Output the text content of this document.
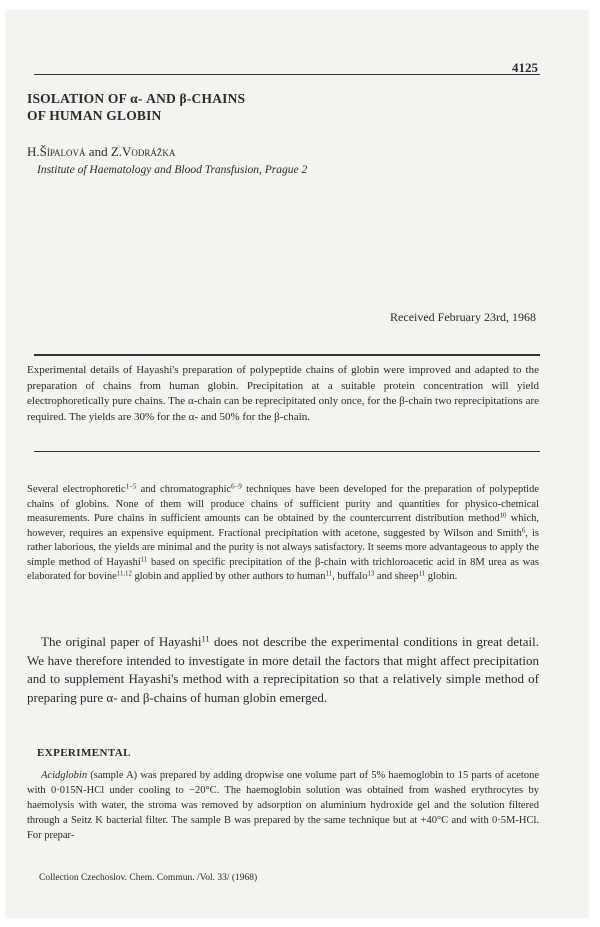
4125
ISOLATION OF α- AND β-CHAINS
OF HUMAN GLOBIN

H.Šípalová and Z.Vodrážka

Institute of Haematology and Blood Transfusion, Prague 2

Received February 23rd, 1968

Experimental details of Hayashi's preparation of polypeptide chains of globin were improved and adapted to the preparation of chains from human globin. Precipitation at a suitable protein concentration will yield electrophoretically pure chains. The α-chain can be reprecipitated only once, for the β-chain two reprecipitations are required. The yields are 30% for the α- and 50% for the β-chain.

Several electrophoretic$^{1-5}$ and chromatographic$^{6-9}$ techniques have been developed for the preparation of polypeptide chains of globins. None of them will produce chains of sufficient purity and quantities for physico-chemical measurements. Pure chains in sufficient amounts can be obtained by the countercurrent distribution method$^{10}$ which, however, requires an expensive equipment. Fractional precipitation with acetone, suggested by Wilson and Smith$^6$, is rather laborious, the yields are minimal and the purity is not always satisfactory. It seems more advantageous to apply the simple method of Hayashi$^{11}$ based on specific precipitation of the β-chain with trichloroacetic acid in 8M urea as was elaborated for bovine$^{11,12}$ globin and applied by other authors to human$^{11}$, buffalo$^{13}$ and sheep$^{11}$ globin.

The original paper of Hayashi$^{11}$ does not describe the experimental conditions in great detail. We have therefore intended to investigate in more detail the factors that might affect precipitation and to supplement Hayashi's method with a reprecipitation so that a relatively simple method of preparing pure α- and β-chains of human globin emerged.

EXPERIMENTAL

Acidglobin (sample A) was prepared by adding dropwise one volume part of 5% haemoglobin to 15 parts of acetone with 0·015N-HCl under cooling to −20°C. The haemoglobin solution was obtained from washed erythrocytes by haemolysis with water, the stroma was removed by adsorption on aluminium hydroxide gel and the solution filtered through a Seitz K bacterial filter. The sample B was prepared by the same technique but at +40°C and with 0·5M-HCl. For prepar-

Collection Czechoslov. Chem. Commun. /Vol. 33/ (1968)
